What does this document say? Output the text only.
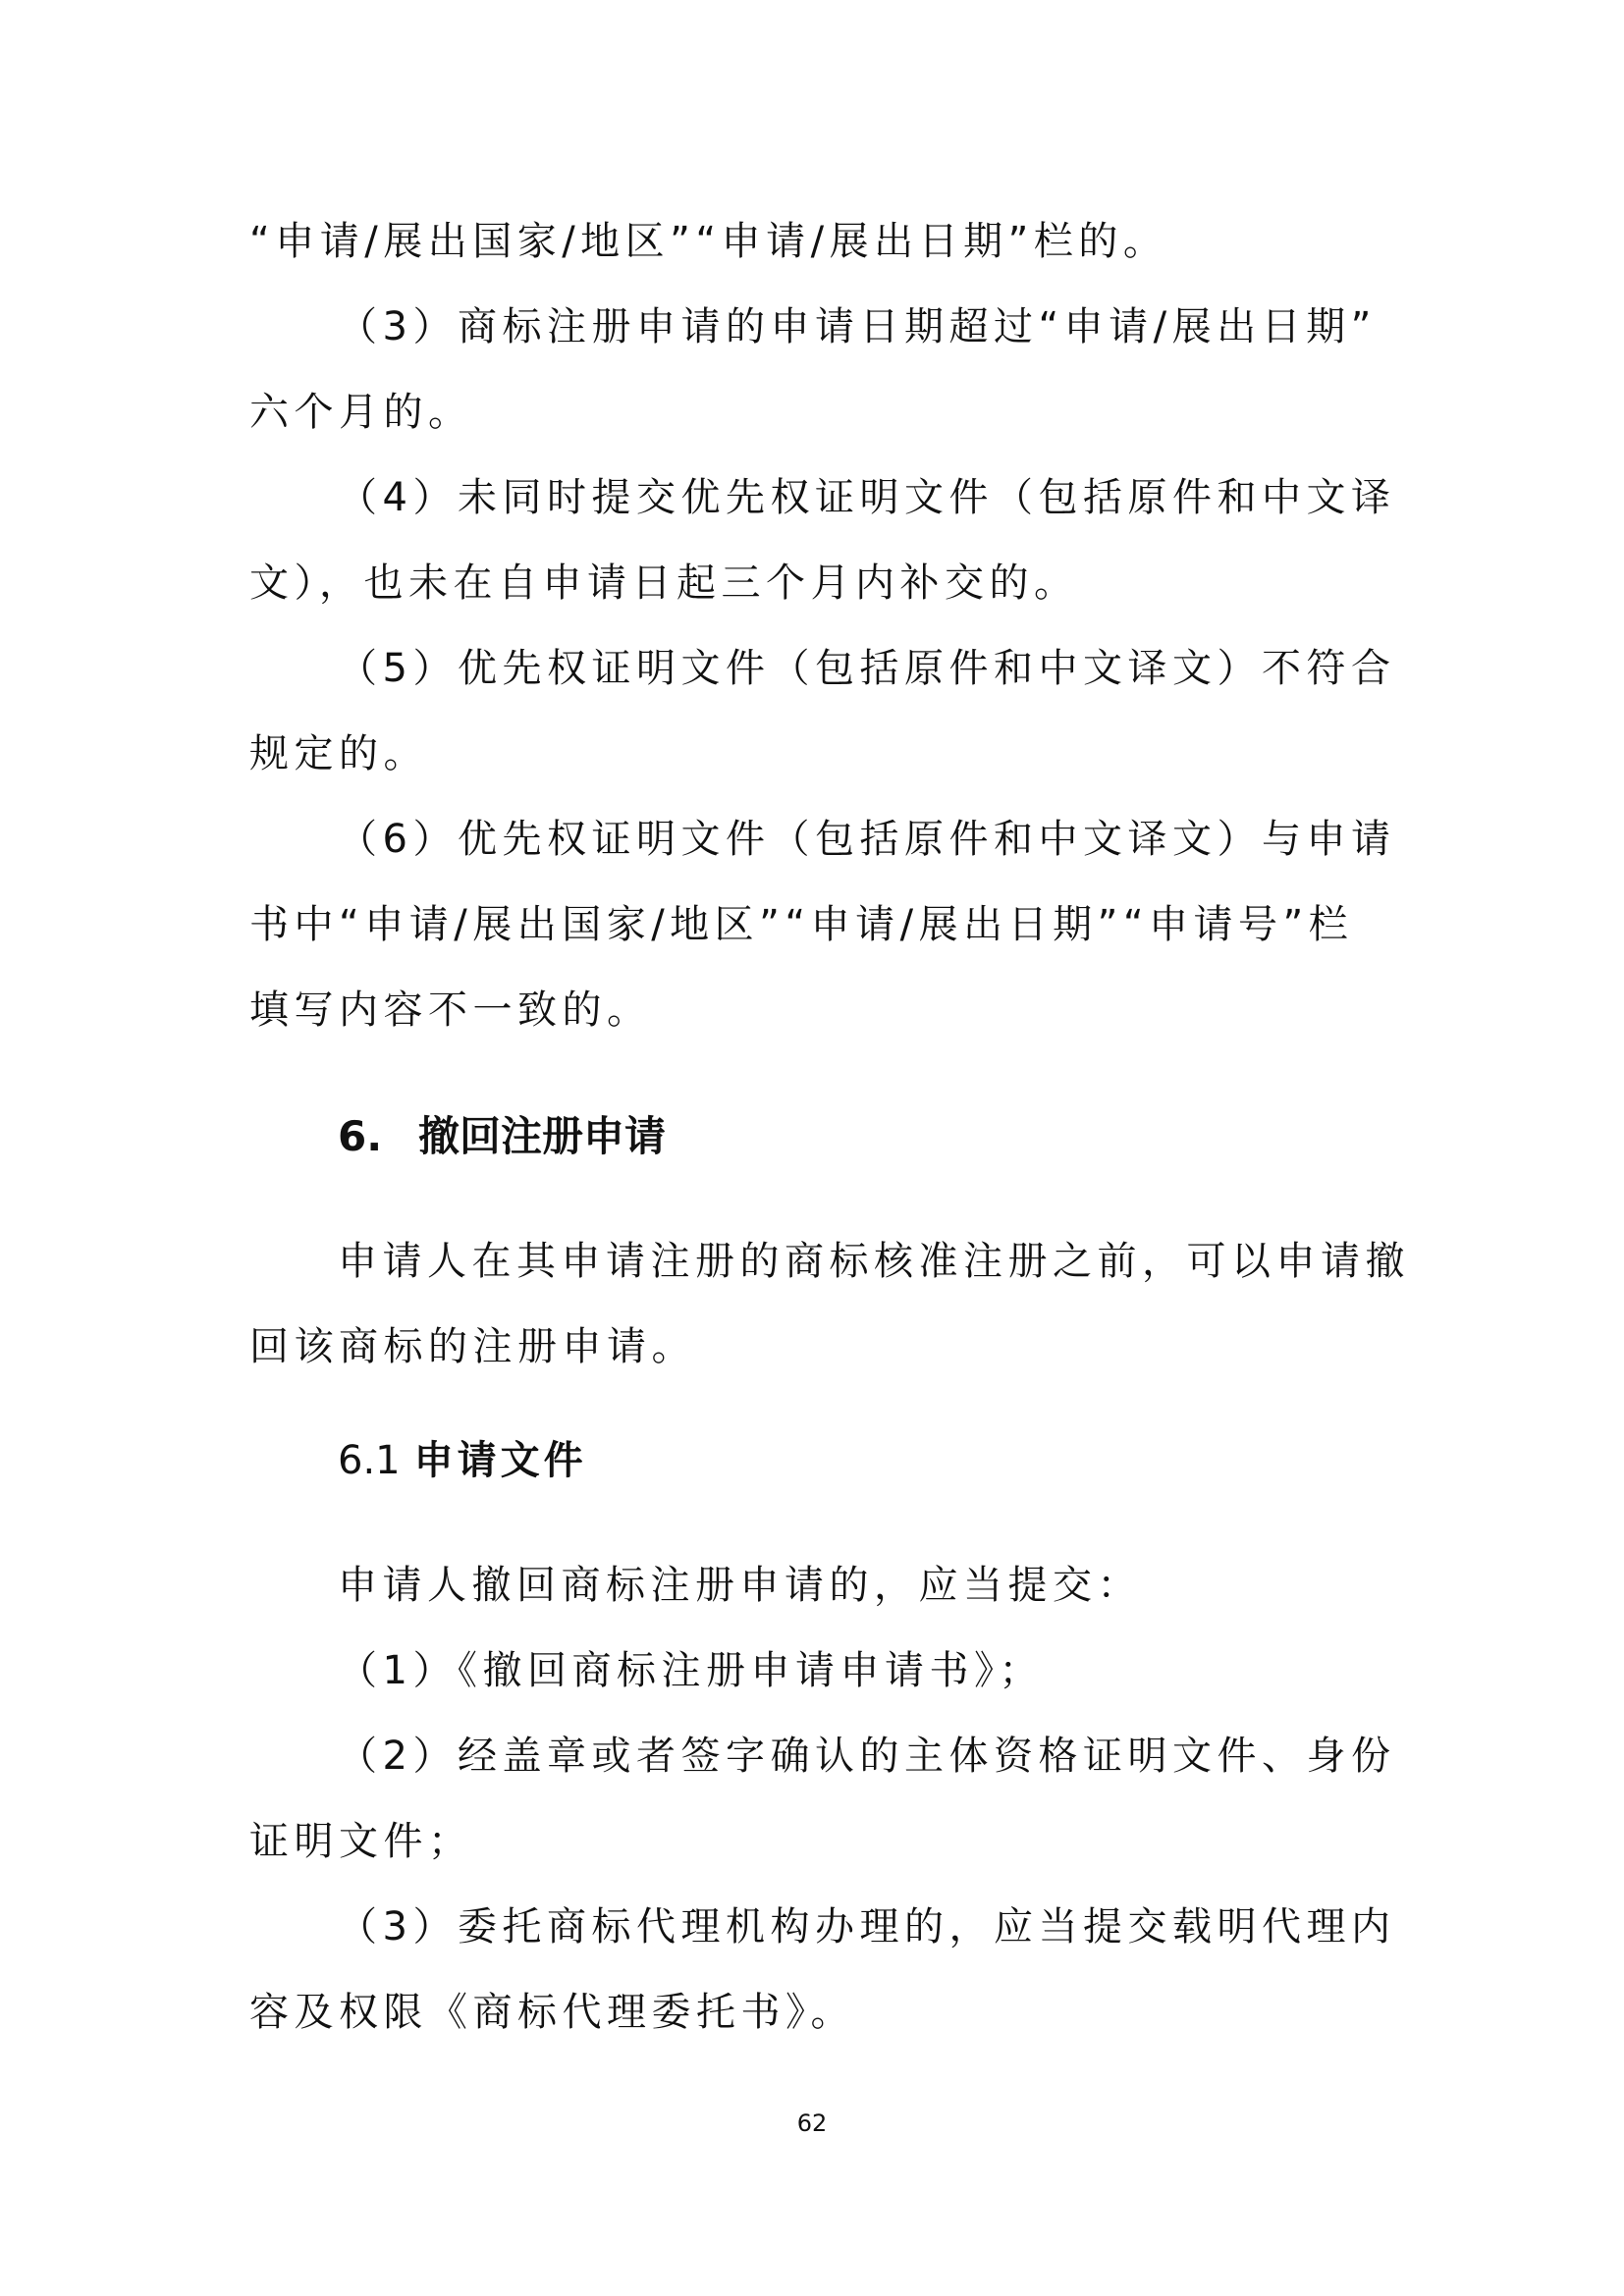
“申请/展出国家/地区”“申请/展出日期”栏的。
（3）商标注册申请的申请日期超过“申请/展出日期”
六个月的。
（4）未同时提交优先权证明文件（包括原件和中文译
文），也未在自申请日起三个月内补交的。
（5）优先权证明文件（包括原件和中文译文）不符合
规定的。
（6）优先权证明文件（包括原件和中文译文）与申请
书中“申请/展出国家/地区”“申请/展出日期”“申请号”栏
填写内容不一致的。
6. 撤回注册申请
申请人在其申请注册的商标核准注册之前，可以申请撤
回该商标的注册申请。
6.1 申请文件
申请人撤回商标注册申请的，应当提交：
（1）《撤回商标注册申请申请书》；
（2）经盖章或者签字确认的主体资格证明文件、身份
证明文件；
（3）委托商标代理机构办理的，应当提交载明代理内
容及权限《商标代理委托书》。
62
